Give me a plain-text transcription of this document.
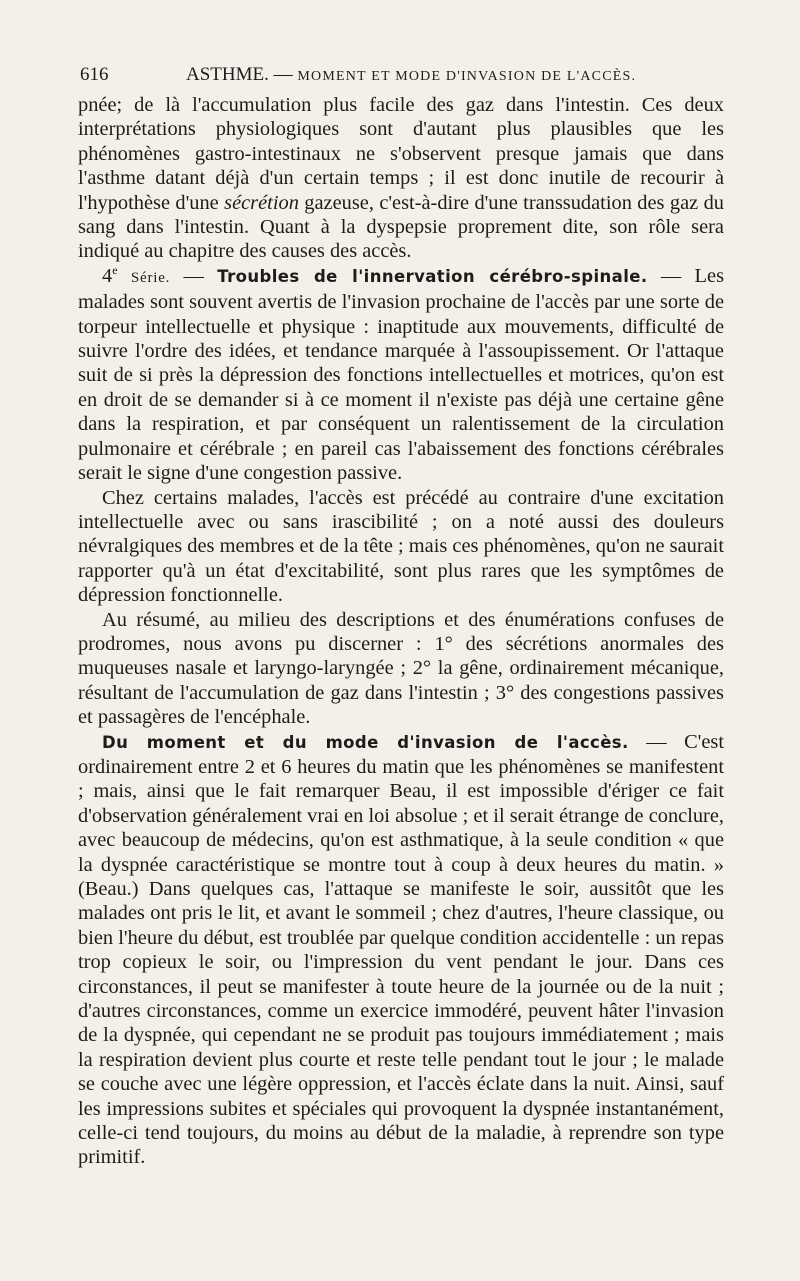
616	ASTHME. — MOMENT ET MODE D'INVASION DE L'ACCÈS.

pnée; de là l'accumulation plus facile des gaz dans l'intestin. Ces deux interprétations physiologiques sont d'autant plus plausibles que les phénomènes gastro-intestinaux ne s'observent presque jamais que dans l'asthme datant déjà d'un certain temps ; il est donc inutile de recourir à l'hypothèse d'une sécrétion gazeuse, c'est-à-dire d'une transsudation des gaz du sang dans l'intestin. Quant à la dyspepsie proprement dite, son rôle sera indiqué au chapitre des causes des accès.

4e Série. — Troubles de l'innervation cérébro-spinale. — Les malades sont souvent avertis de l'invasion prochaine de l'accès par une sorte de torpeur intellectuelle et physique : inaptitude aux mouvements, difficulté de suivre l'ordre des idées, et tendance marquée à l'assoupissement. Or l'attaque suit de si près la dépression des fonctions intellectuelles et motrices, qu'on est en droit de se demander si à ce moment il n'existe pas déjà une certaine gêne dans la respiration, et par conséquent un ralentissement de la circulation pulmonaire et cérébrale ; en pareil cas l'abaissement des fonctions cérébrales serait le signe d'une congestion passive.

Chez certains malades, l'accès est précédé au contraire d'une excitation intellectuelle avec ou sans irascibilité ; on a noté aussi des douleurs névralgiques des membres et de la tête ; mais ces phénomènes, qu'on ne saurait rapporter qu'à un état d'excitabilité, sont plus rares que les symptômes de dépression fonctionnelle.

Au résumé, au milieu des descriptions et des énumérations confuses de prodromes, nous avons pu discerner : 1° des sécrétions anormales des muqueuses nasale et laryngo-laryngée ; 2° la gêne, ordinairement mécanique, résultant de l'accumulation de gaz dans l'intestin ; 3° des congestions passives et passagères de l'encéphale.

Du moment et du mode d'invasion de l'accès. — C'est ordinairement entre 2 et 6 heures du matin que les phénomènes se manifestent ; mais, ainsi que le fait remarquer Beau, il est impossible d'ériger ce fait d'observation généralement vrai en loi absolue ; et il serait étrange de conclure, avec beaucoup de médecins, qu'on est asthmatique, à la seule condition « que la dyspnée caractéristique se montre tout à coup à deux heures du matin. » (Beau.) Dans quelques cas, l'attaque se manifeste le soir, aussitôt que les malades ont pris le lit, et avant le sommeil ; chez d'autres, l'heure classique, ou bien l'heure du début, est troublée par quelque condition accidentelle : un repas trop copieux le soir, ou l'impression du vent pendant le jour. Dans ces circonstances, il peut se manifester à toute heure de la journée ou de la nuit ; d'autres circonstances, comme un exercice immodéré, peuvent hâter l'invasion de la dyspnée, qui cependant ne se produit pas toujours immédiatement ; mais la respiration devient plus courte et reste telle pendant tout le jour ; le malade se couche avec une légère oppression, et l'accès éclate dans la nuit. Ainsi, sauf les impressions subites et spéciales qui provoquent la dyspnée instantanément, celle-ci tend toujours, du moins au début de la maladie, à reprendre son type primitif.
